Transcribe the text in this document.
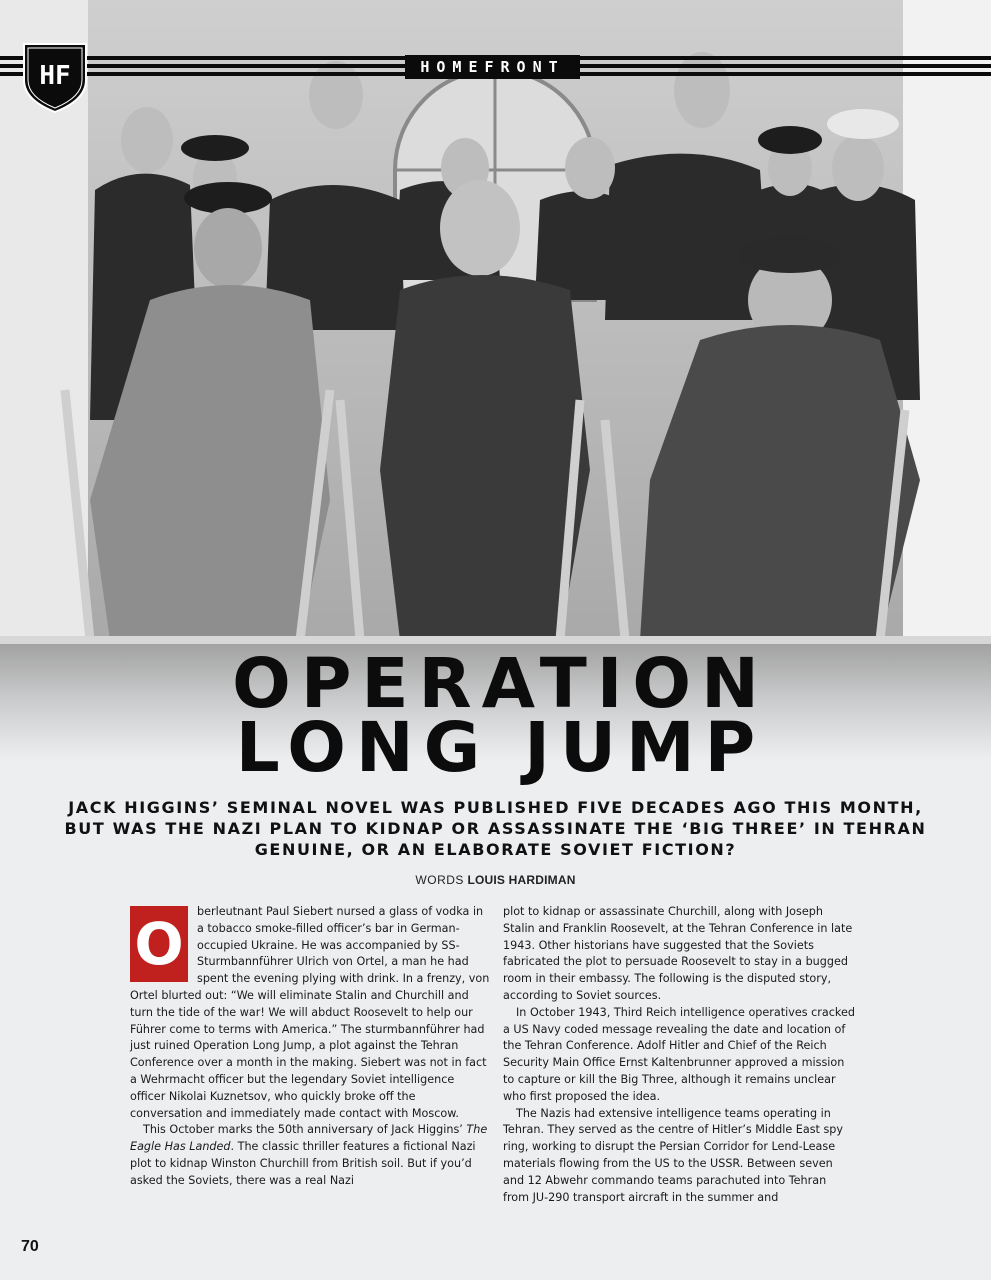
HOMEFRONT
HF
OPERATION
LONG JUMP
JACK HIGGINS’ SEMINAL NOVEL WAS PUBLISHED FIVE DECADES AGO THIS MONTH, BUT WAS THE NAZI PLAN TO KIDNAP OR ASSASSINATE THE ‘BIG THREE’ IN TEHRAN GENUINE, OR AN ELABORATE SOVIET FICTION?
WORDS LOUIS HARDIMAN

O	berleutnant Paul Siebert nursed a glass of vodka in a tobacco smoke-filled officer’s bar in German-occupied Ukraine. He was accompanied by SS-Sturmbannführer Ulrich von Ortel, a man he had spent the evening plying with drink. In a frenzy, von Ortel blurted out: “We will eliminate Stalin and Churchill and turn the tide of the war! We will abduct Roosevelt to help our Führer come to terms with America.” The sturmbannführer had just ruined Operation Long Jump, a plot against the Tehran Conference over a month in the making. Siebert was not in fact a Wehrmacht officer but the legendary Soviet intelligence officer Nikolai Kuznetsov, who quickly broke off the conversation and immediately made contact with Moscow.

This October marks the 50th anniversary of Jack Higgins’ The Eagle Has Landed. The classic thriller features a fictional Nazi plot to kidnap Winston Churchill from British soil. But if you’d asked the Soviets, there was a real Nazi

plot to kidnap or assassinate Churchill, along with Joseph Stalin and Franklin Roosevelt, at the Tehran Conference in late 1943. Other historians have suggested that the Soviets fabricated the plot to persuade Roosevelt to stay in a bugged room in their embassy. The following is the disputed story, according to Soviet sources.

In October 1943, Third Reich intelligence operatives cracked a US Navy coded message revealing the date and location of the Tehran Conference. Adolf Hitler and Chief of the Reich Security Main Office Ernst Kaltenbrunner approved a mission to capture or kill the Big Three, although it remains unclear who first proposed the idea.

The Nazis had extensive intelligence teams operating in Tehran. They served as the centre of Hitler’s Middle East spy ring, working to disrupt the Persian Corridor for Lend-Lease materials flowing from the US to the USSR. Between seven and 12 Abwehr commando teams parachuted into Tehran from JU-290 transport aircraft in the summer and

70
